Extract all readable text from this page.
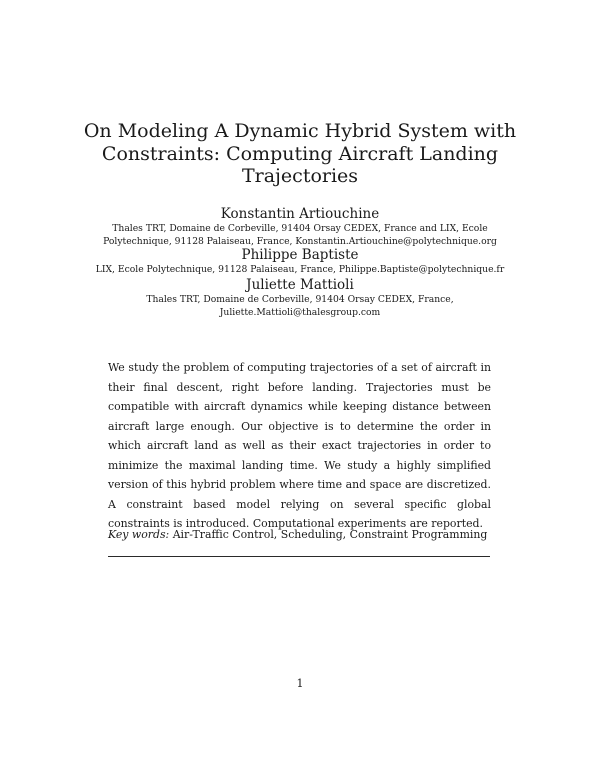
On Modeling A Dynamic Hybrid System with Constraints: Computing Aircraft Landing Trajectories
Konstantin Artiouchine
Thales TRT, Domaine de Corbeville, 91404 Orsay CEDEX, France and LIX, Ecole Polytechnique, 91128 Palaiseau, France, Konstantin.Artiouchine@polytechnique.org
Philippe Baptiste
LIX, Ecole Polytechnique, 91128 Palaiseau, France, Philippe.Baptiste@polytechnique.fr
Juliette Mattioli
Thales TRT, Domaine de Corbeville, 91404 Orsay CEDEX, France, Juliette.Mattioli@thalesgroup.com
We study the problem of computing trajectories of a set of aircraft in their final descent, right before landing. Trajectories must be compatible with aircraft dynamics while keeping distance between aircraft large enough. Our objective is to determine the order in which aircraft land as well as their exact trajectories in order to minimize the maximal landing time. We study a highly simplified version of this hybrid problem where time and space are discretized. A constraint based model relying on several specific global constraints is introduced. Computational experiments are reported.
Key words: Air-Traffic Control, Scheduling, Constraint Programming
1
